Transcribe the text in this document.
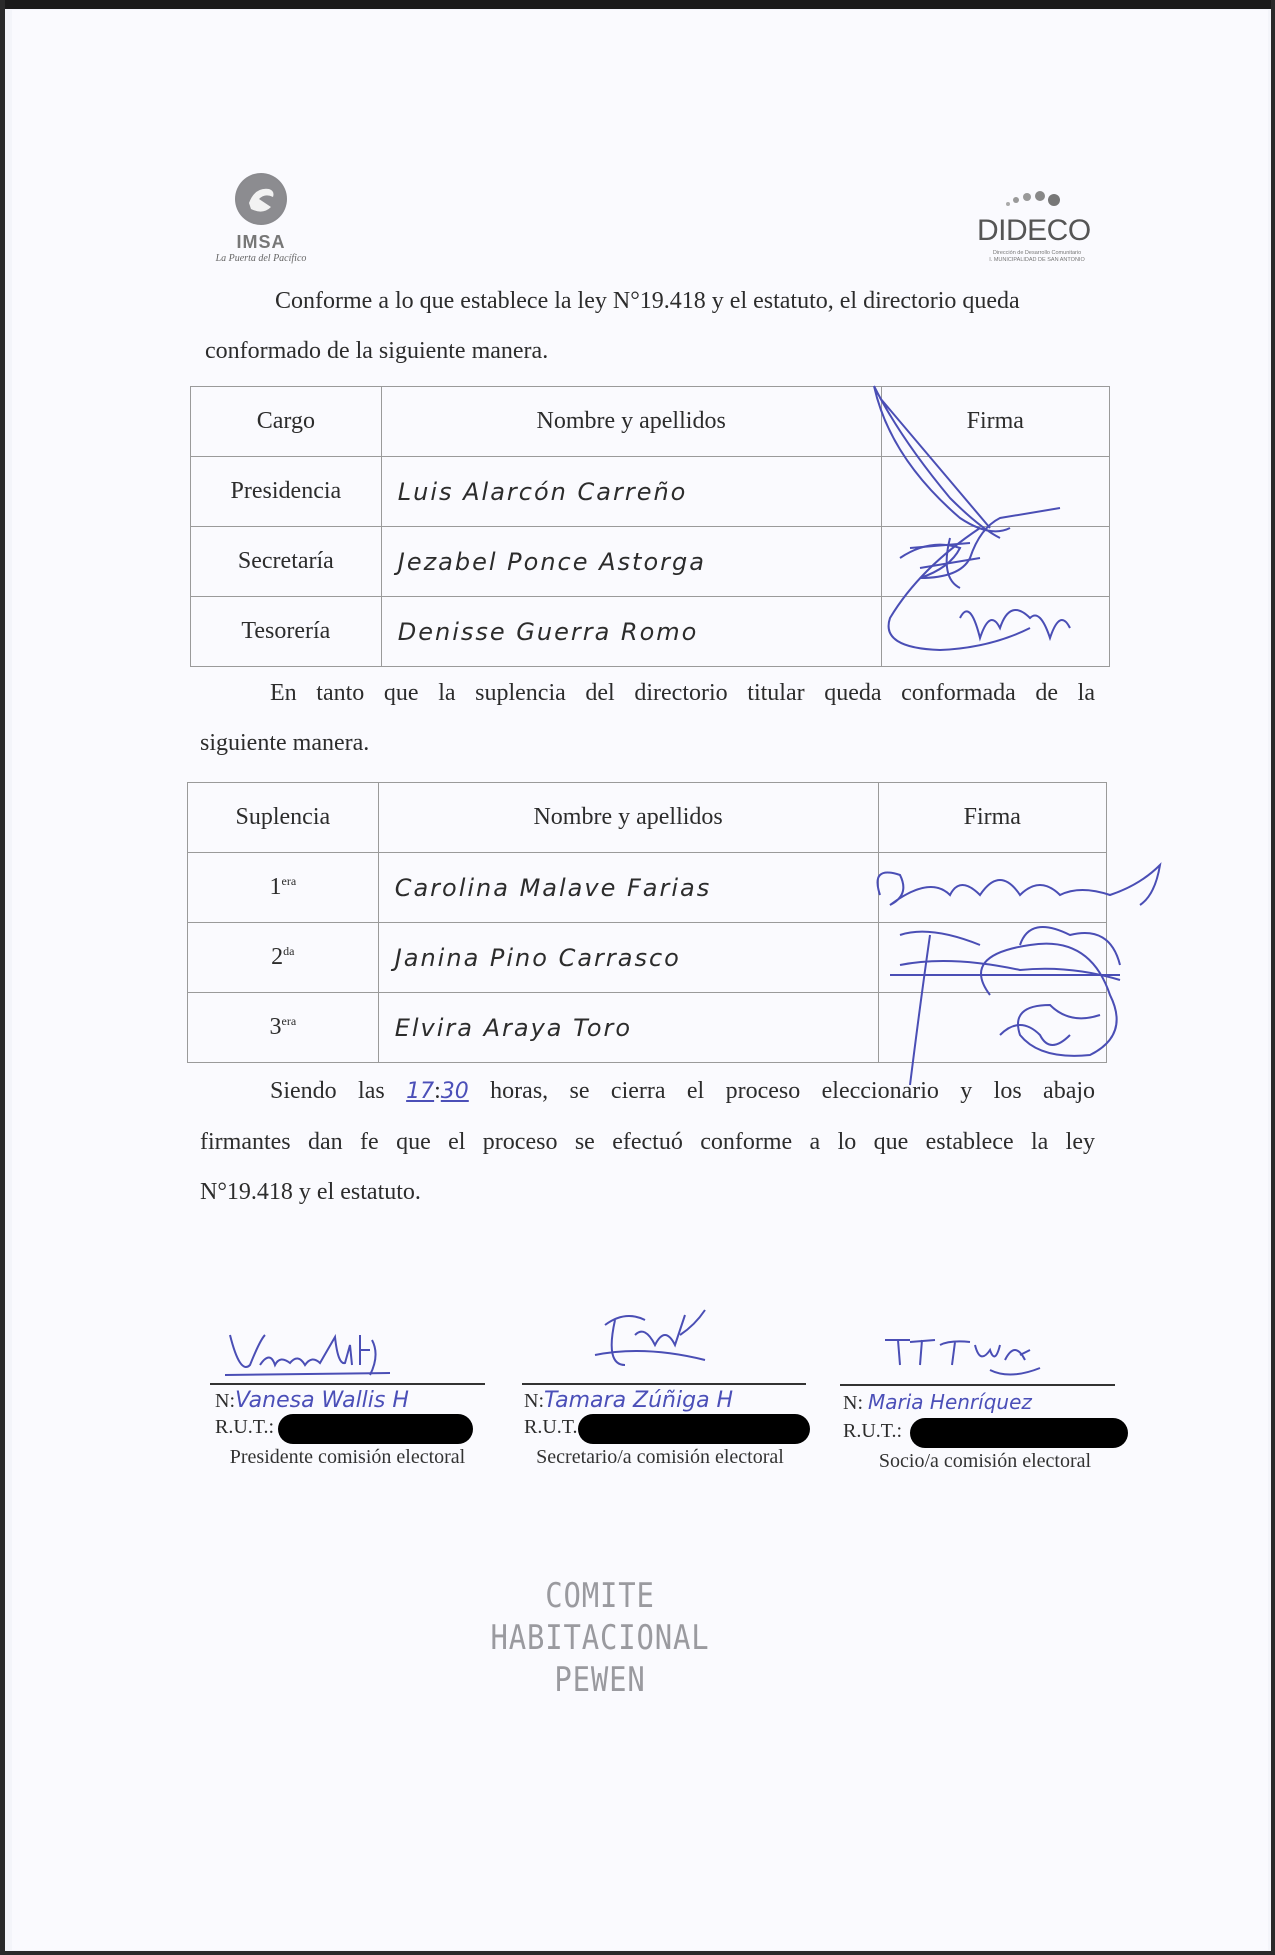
IMSA
La Puerta del Pacífico
DIDECO
Dirección de Desarrollo Comunitario
I. MUNICIPALIDAD DE SAN ANTONIO

Conforme a lo que establece la ley N°19.418 y el estatuto, el directorio queda

conformado de la siguiente manera.

Cargo	Nombre y apellidos	Firma
Presidencia	Luis Alarcón Carreño	
Secretaría	Jezabel Ponce Astorga	
Tesorería	Denisse Guerra Romo	

En tanto que la suplencia del directorio titular queda conformada de la

siguiente manera.

Suplencia	Nombre y apellidos	Firma
$1^{era}$	Carolina Malave Farias	
$2^{da}$	Janina Pino Carrasco	
$3^{era}$	Elvira Araya Toro	

Siendo las 17:30 horas, se cierra el proceso eleccionario y los abajo

firmantes dan fe que el proceso se efectuó conforme a lo que establece la ley

N°19.418 y el estatuto.

N:Vanesa Wallis H
R.U.T.:
Presidente comisión electoral
N:Tamara Zúñiga H
R.U.T.
Secretario/a comisión electoral
N: Maria Henríquez
R.U.T.:
Socio/a comisión electoral
COMITE
HABITACIONAL
PEWEN
